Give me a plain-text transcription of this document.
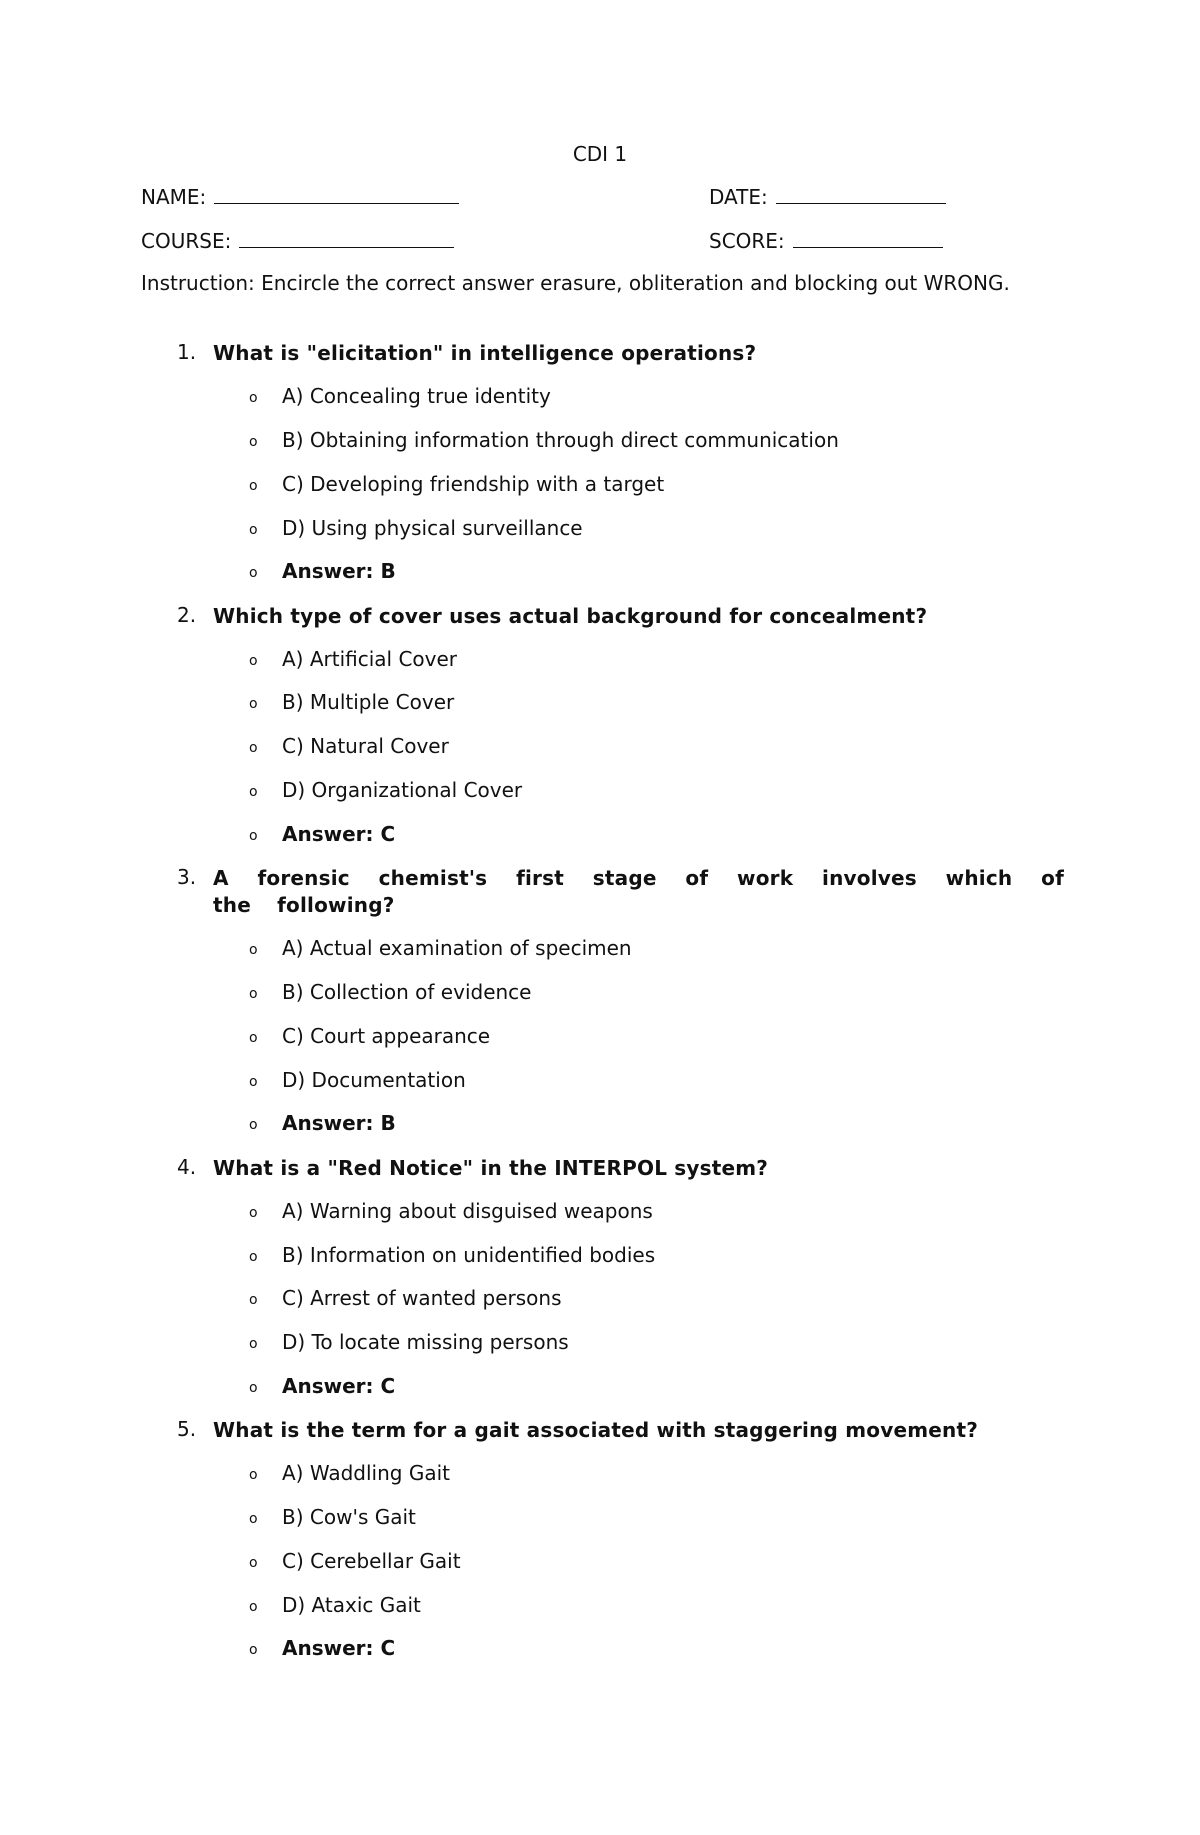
CDI 1
NAME:	DATE:
COURSE:	SCORE:
Instruction: Encircle the correct answer erasure, obliteration and blocking out WRONG.
1. What is "elicitation" in intelligence operations?
o A) Concealing true identity
o B) Obtaining information through direct communication
o C) Developing friendship with a target
o D) Using physical surveillance
o Answer: B
2. Which type of cover uses actual background for concealment?
o A) Artificial Cover
o B) Multiple Cover
o C) Natural Cover
o D) Organizational Cover
o Answer: C
3. A forensic chemist's first stage of work involves which of the following?
o A) Actual examination of specimen
o B) Collection of evidence
o C) Court appearance
o D) Documentation
o Answer: B
4. What is a "Red Notice" in the INTERPOL system?
o A) Warning about disguised weapons
o B) Information on unidentified bodies
o C) Arrest of wanted persons
o D) To locate missing persons
o Answer: C
5. What is the term for a gait associated with staggering movement?
o A) Waddling Gait
o B) Cow's Gait
o C) Cerebellar Gait
o D) Ataxic Gait
o Answer: C
